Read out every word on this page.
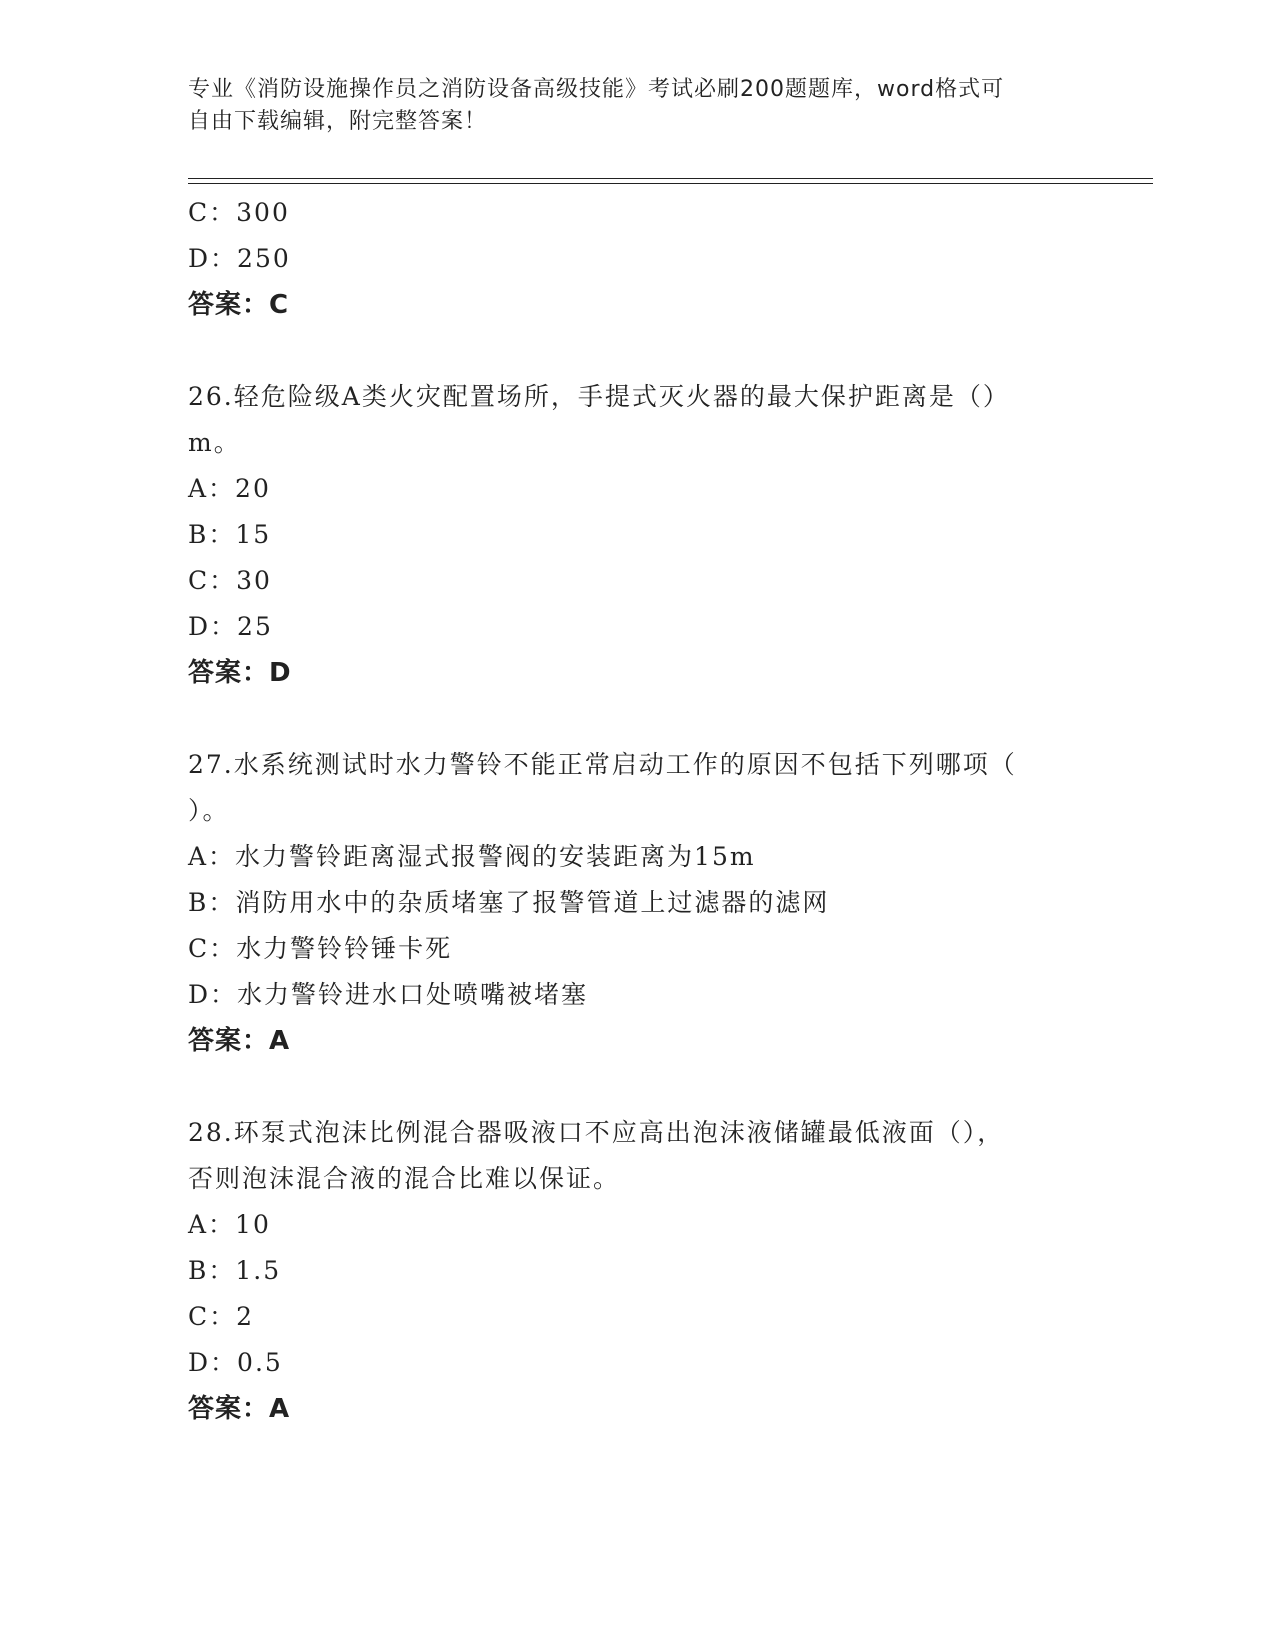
专业《消防设施操作员之消防设备高级技能》考试必刷200题题库，word格式可
自由下载编辑，附完整答案！
C：300
D：250
答案：C
26.轻危险级A类火灾配置场所，手提式灭火器的最大保护距离是（）
m。
A：20
B：15
C：30
D：25
答案：D
27.水系统测试时水力警铃不能正常启动工作的原因不包括下列哪项（
）。
A：水力警铃距离湿式报警阀的安装距离为15m
B：消防用水中的杂质堵塞了报警管道上过滤器的滤网
C：水力警铃铃锤卡死
D：水力警铃进水口处喷嘴被堵塞
答案：A
28.环泵式泡沫比例混合器吸液口不应高出泡沫液储罐最低液面（），
否则泡沫混合液的混合比难以保证。
A：10
B：1.5
C：2
D：0.5
答案：A
